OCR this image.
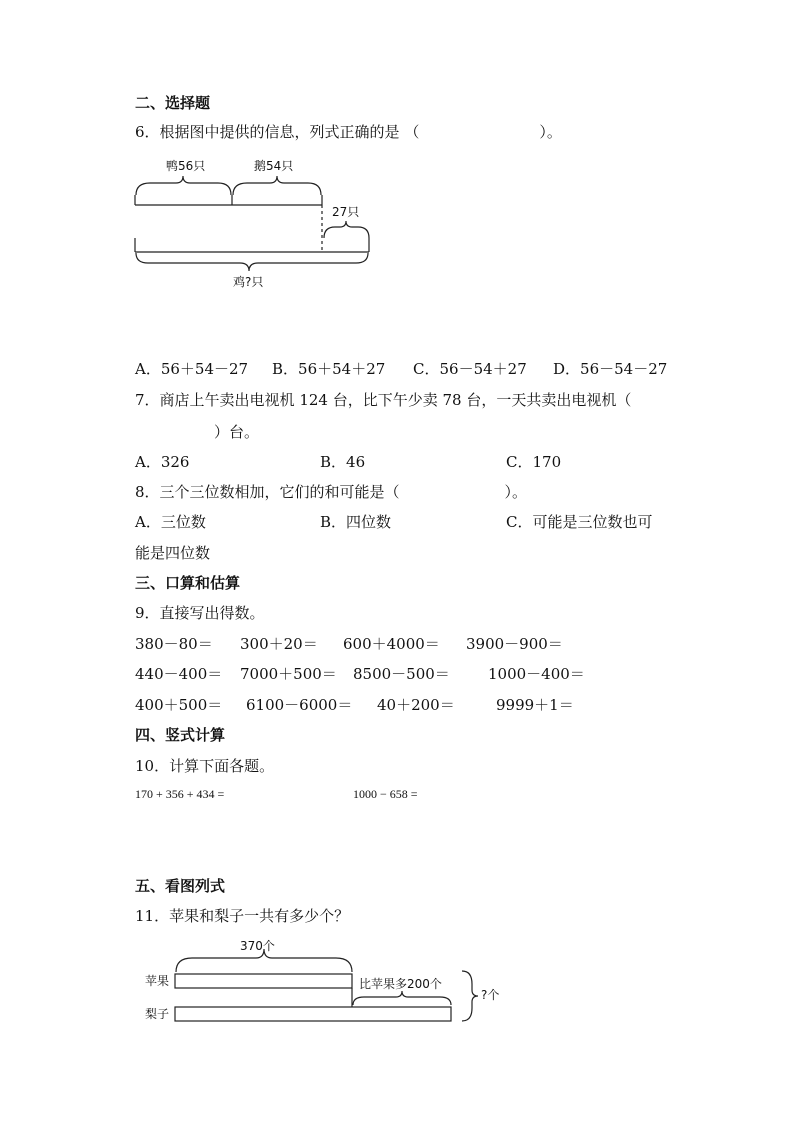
二、选择题
6．根据图中提供的信息，列式正确的是 （　　　　　　　　）。
鸭56只	鹅54只
27只
鸡?只
A．56＋54－27 B．56＋54＋27 C．56－54＋27 D．56－54－27
7．商店上午卖出电视机 124 台，比下午少卖 78 台，一天共卖出电视机（
）台。
A．326	B．46	C．170
8．三个三位数相加，它们的和可能是（　　　　　　　）。
A．三位数	B．四位数	C．可能是三位数也可
能是四位数
三、口算和估算
9．直接写出得数。
380－80＝ 300＋20＝ 600＋4000＝ 3900－900＝
440－400＝ 7000＋500＝ 8500－500＝	1000－400＝
400＋500＝ 6100－6000＝ 40＋200＝	9999＋1＝
四、竖式计算
10．计算下面各题。
170 + 356 + 434 =	1000 − 658 =
五、看图列式
11．苹果和梨子一共有多少个？
370个
苹果
梨子
比苹果多200个
?个
